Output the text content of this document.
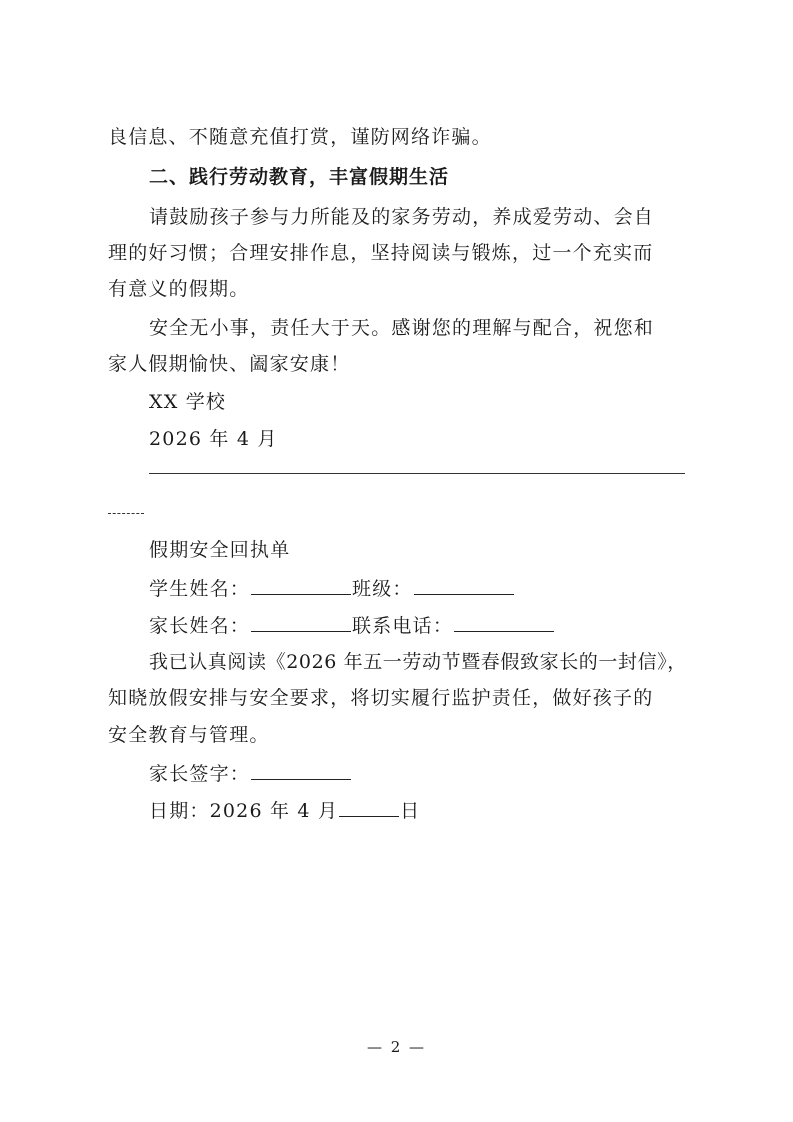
良信息、不随意充值打赏，谨防网络诈骗。
二、践行劳动教育，丰富假期生活
请鼓励孩子参与力所能及的家务劳动，养成爱劳动、会自
理的好习惯；合理安排作息，坚持阅读与锻炼，过一个充实而
有意义的假期。
安全无小事，责任大于天。感谢您的理解与配合，祝您和
家人假期愉快、阖家安康！
XX 学校
2026 年 4 月
假期安全回执单
学生姓名：	班级：
家长姓名：	联系电话：
我已认真阅读《2026 年五一劳动节暨春假致家长的一封信》，
知晓放假安排与安全要求，将切实履行监护责任，做好孩子的
安全教育与管理。
家长签字：
日期：2026 年 4 月	日
— 2 —
